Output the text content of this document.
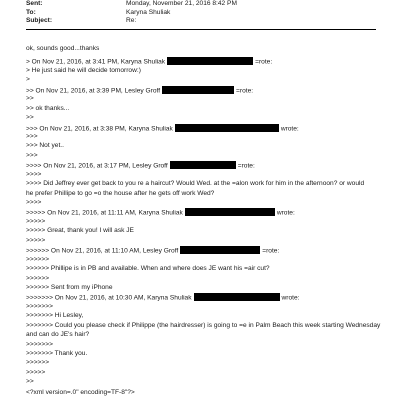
Sent:	Monday, November 21, 2016 8:42 PM
To:	Karyna Shuliak
Subject:	Re:
ok, sounds good...thanks
> On Nov 21, 2016, at 3:41 PM, Karyna Shuliak	=rote:
> He just said he will decide tomorrow:)
>
>> On Nov 21, 2016, at 3:39 PM, Lesley Groff	=rote:
>>
>> ok thanks...
>>
>>> On Nov 21, 2016, at 3:38 PM, Karyna Shuliak	wrote:
>>>
>>> Not yet..
>>>
>>>> On Nov 21, 2016, at 3:17 PM, Lesley Groff	=rote:
>>>>
>>>> Did Jeffrey ever get back to you re a haircut? Would Wed. at the =alon work for him in the afternoon? or would
he prefer Phillipe to go =o the house after he gets off work Wed?
>>>>
>>>>> On Nov 21, 2016, at 11:11 AM, Karyna Shuliak	wrote:
>>>>>
>>>>> Great, thank you! I will ask JE
>>>>>
>>>>>> On Nov 21, 2016, at 11:10 AM, Lesley Groff	=rote:
>>>>>>
>>>>>> Phillipe is in PB and available. When and where does JE want his =air cut?
>>>>>>
>>>>>> Sent from my iPhone
>>>>>>> On Nov 21, 2016, at 10:30 AM, Karyna Shuliak	wrote:
>>>>>>>
>>>>>>> Hi Lesley,
>>>>>>> Could you please check if Philippe (the hairdresser) is going to =e in Palm Beach this week starting Wednesday
and can do JE's hair?
>>>>>>>
>>>>>>> Thank you.
>>>>>>
>>>>>
>>
<?xml version=.0" encoding=TF-8"?>
